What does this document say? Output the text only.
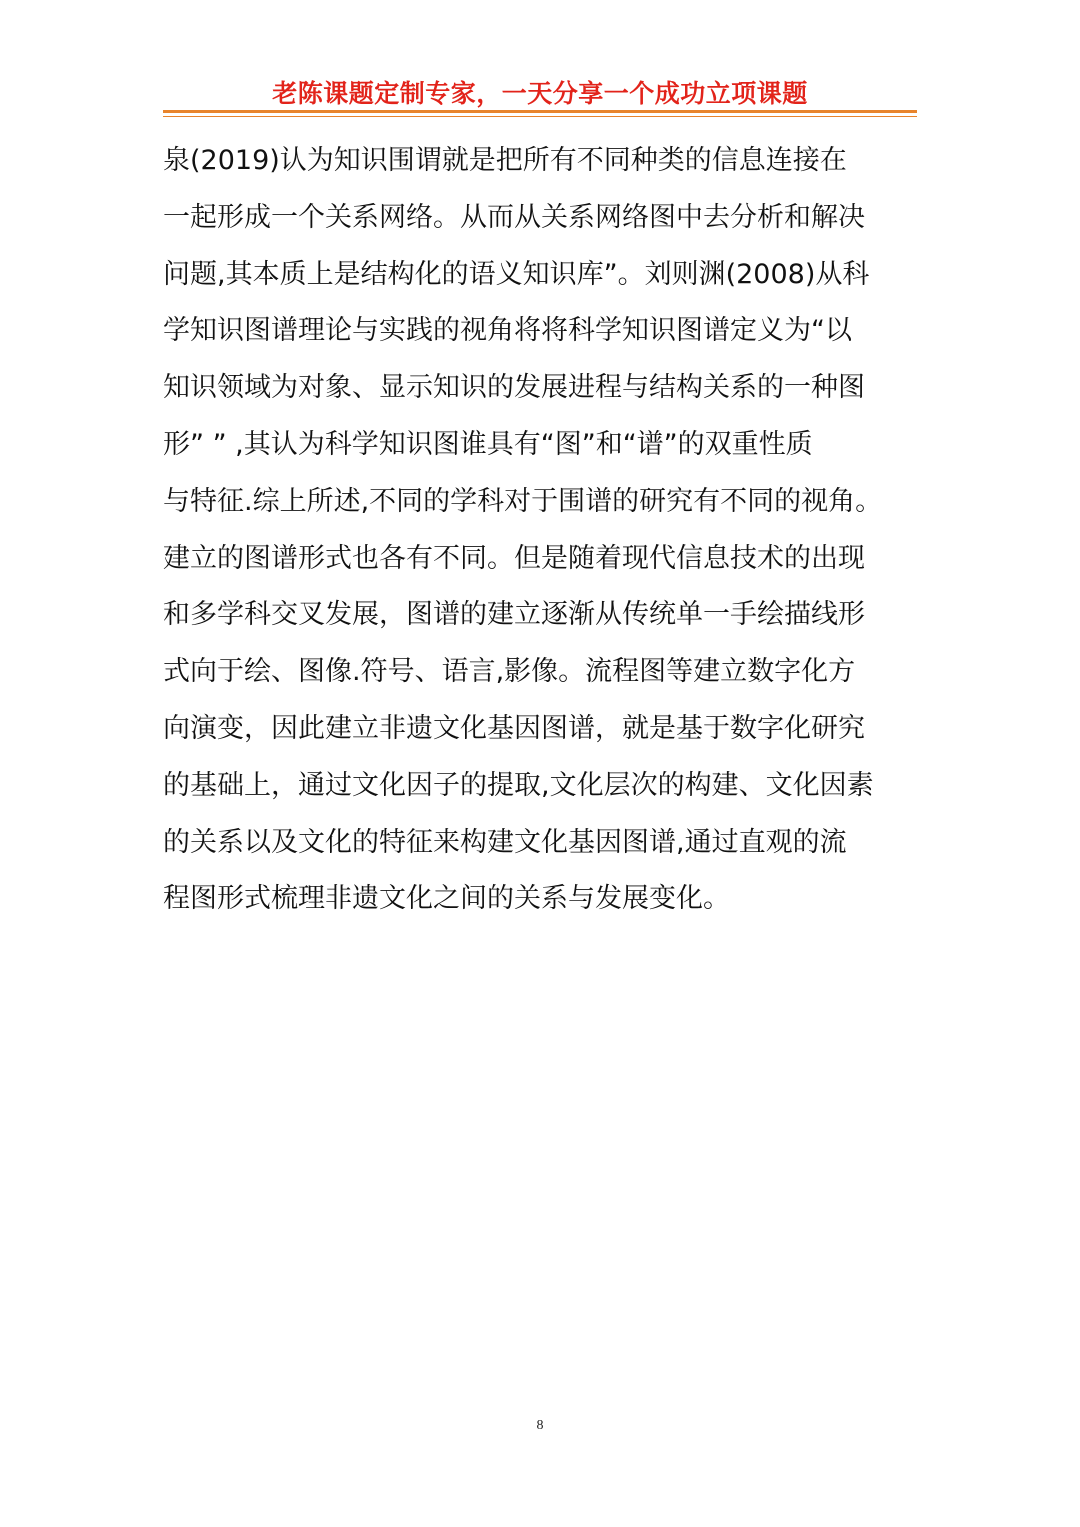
老陈课题定制专家，一天分享一个成功立项课题
泉(2019)认为知识围谓就是把所有不同种类的信息连接在
一起形成一个关系网络。从而从关系网络图中去分析和解决
问题,其本质上是结构化的语义知识库”。刘则渊(2008)从科
学知识图谱理论与实践的视角将将科学知识图谱定义为“以
知识领域为对象、显示知识的发展进程与结构关系的一种图
形” ” ,其认为科学知识图谁具有“图”和“谱”的双重性质
与特征.综上所述,不同的学科对于围谱的研究有不同的视角。
建立的图谱形式也各有不同。但是随着现代信息技术的出现
和多学科交叉发展，图谱的建立逐渐从传统单一手绘描线形
式向于绘、图像.符号、语言,影像。流程图等建立数字化方
向演变，因此建立非遗文化基因图谱，就是基于数字化研究
的基础上，通过文化因子的提取,文化层次的构建、文化因素
的关系以及文化的特征来构建文化基因图谱,通过直观的流
程图形式梳理非遗文化之间的关系与发展变化。
8
